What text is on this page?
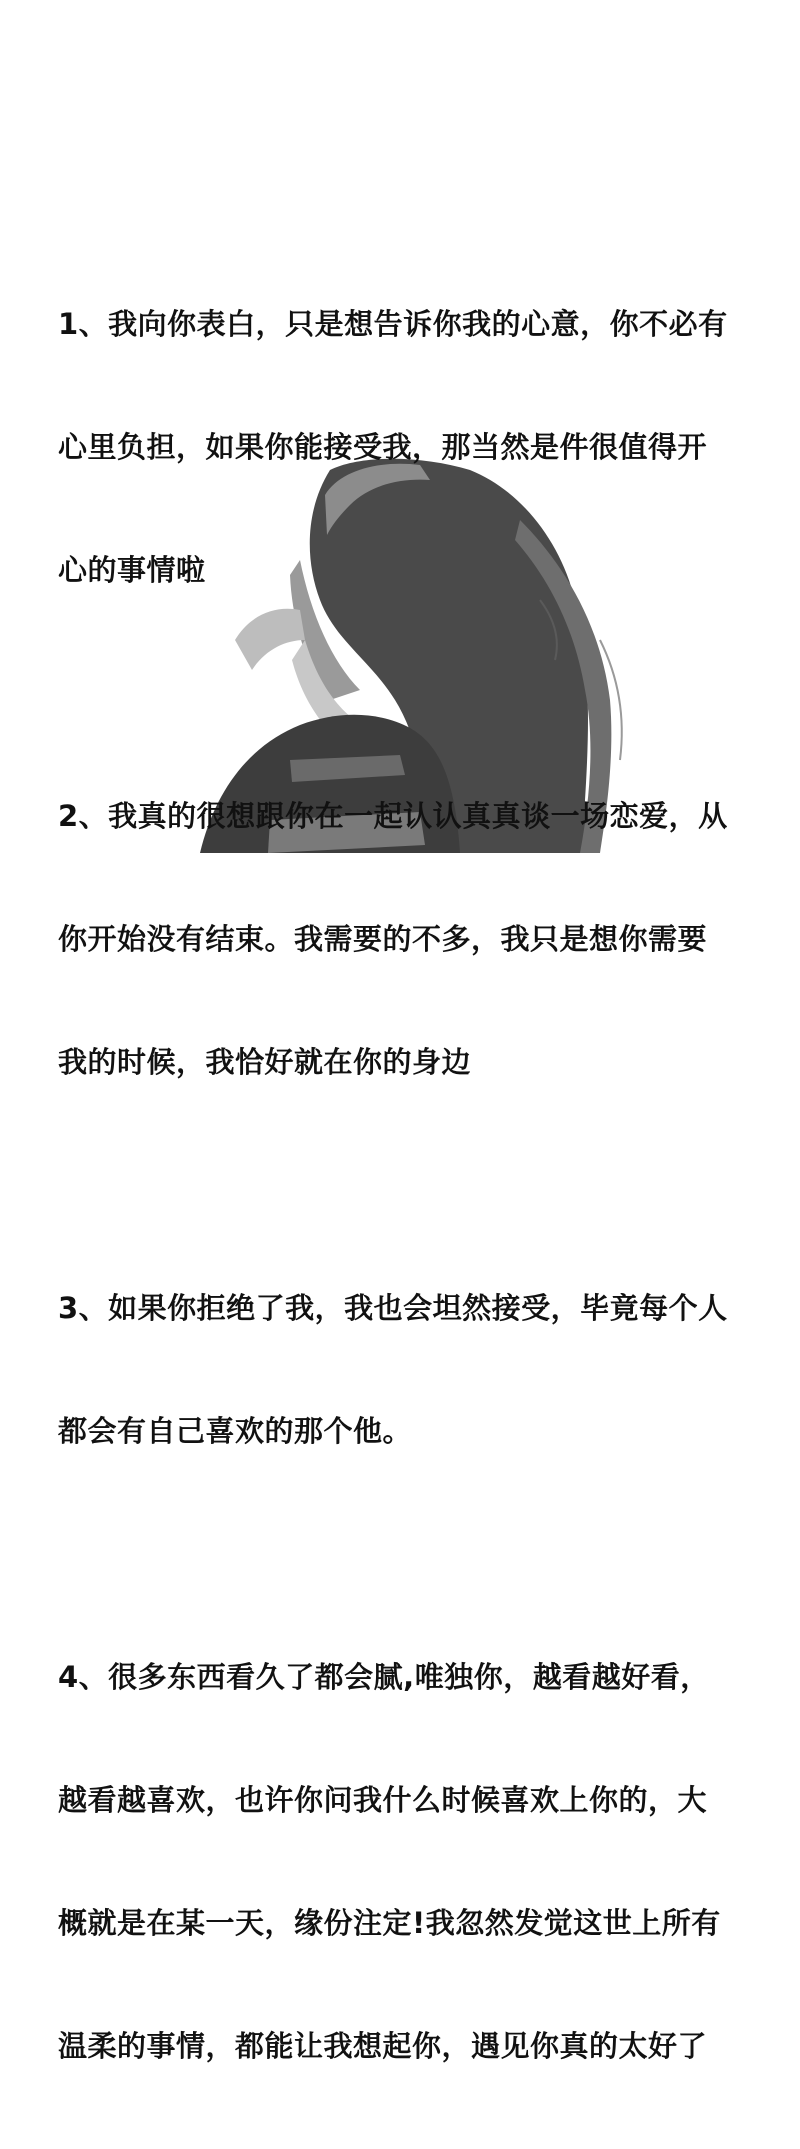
1、我向你表白，只是想告诉你我的心意，你不必有

心里负担，如果你能接受我，那当然是件很值得开

心的事情啦

2、我真的很想跟你在一起认认真真谈一场恋爱，从

你开始没有结束。我需要的不多，我只是想你需要

我的时候，我恰好就在你的身边

3、如果你拒绝了我，我也会坦然接受，毕竟每个人

都会有自己喜欢的那个他。

4、很多东西看久了都会腻,唯独你，越看越好看，

越看越喜欢，也许你问我什么时候喜欢上你的，大

概就是在某一天，缘份注定!我忽然发觉这世上所有

温柔的事情，都能让我想起你，遇见你真的太好了
